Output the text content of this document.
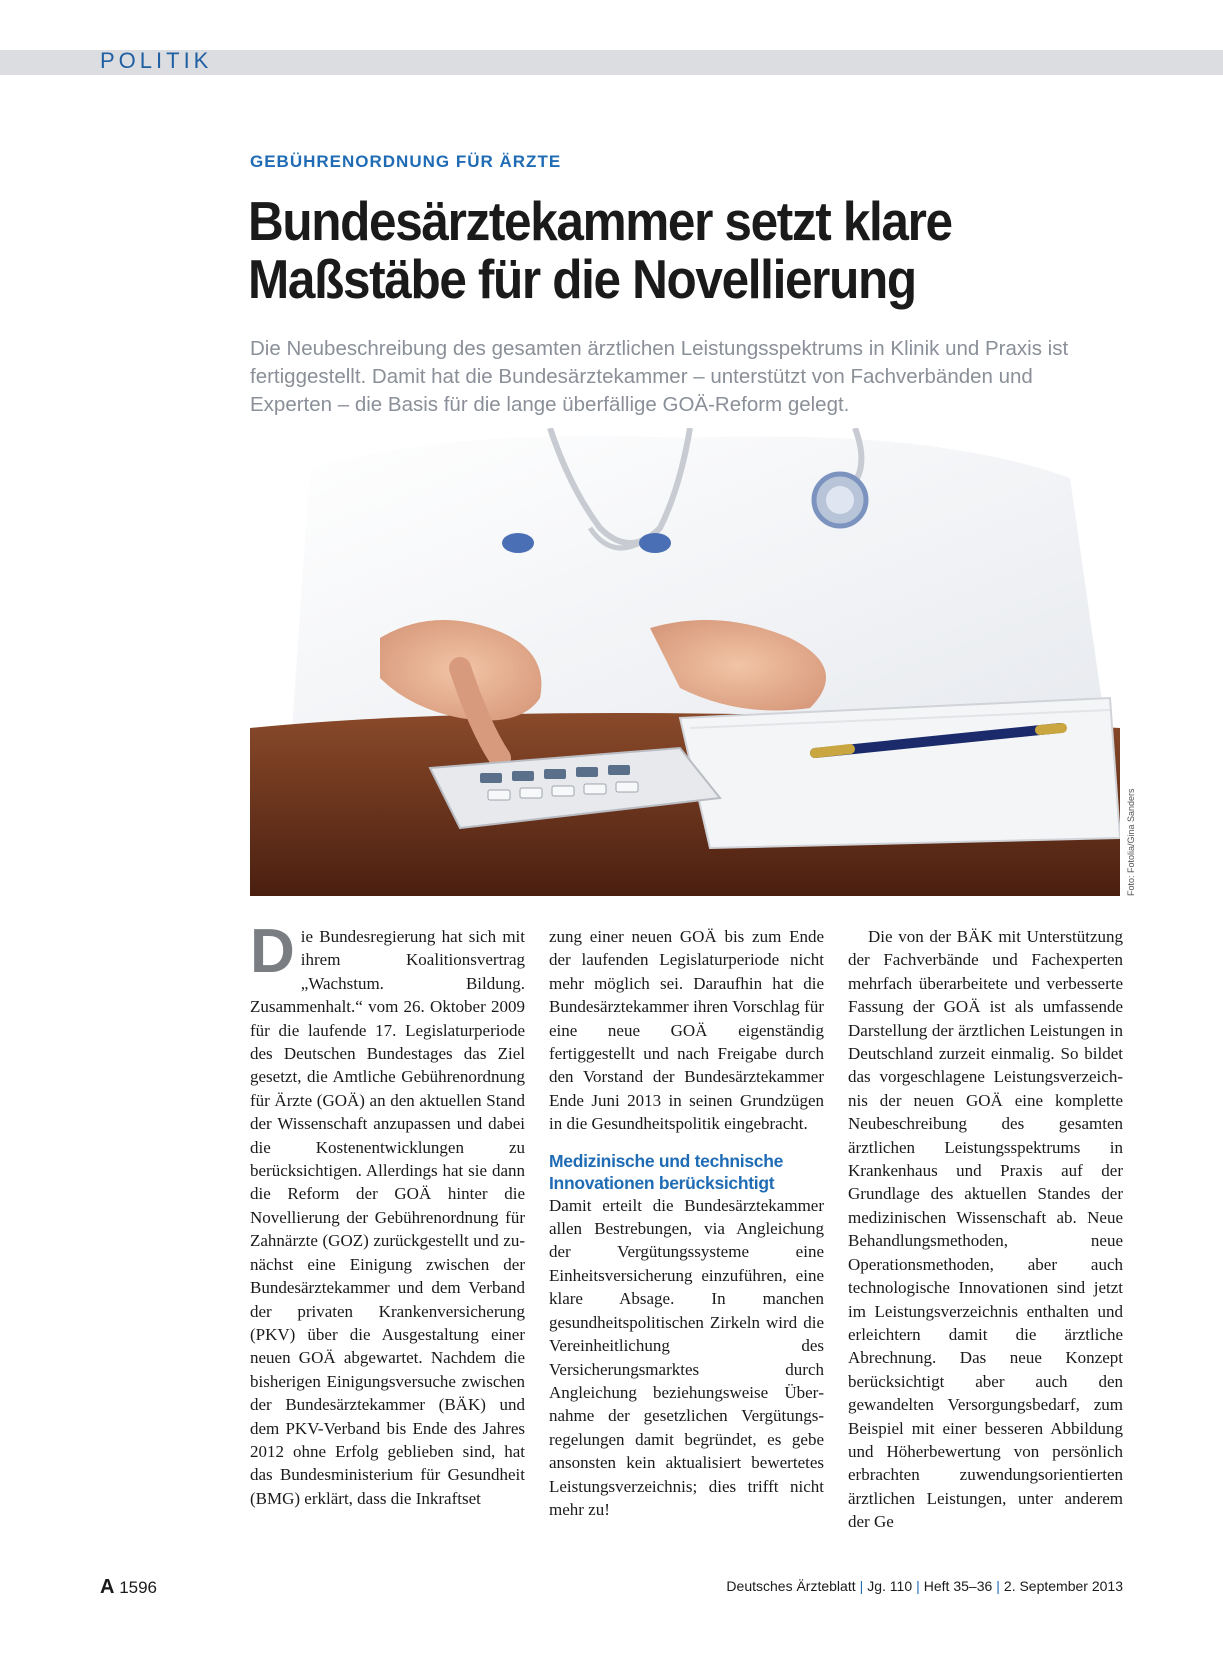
POLITIK
GEBÜHRENORDNUNG FÜR ÄRZTE
Bundesärztekammer setzt klare
Maßstäbe für die Novellierung

Die Neubeschreibung des gesamten ärztlichen Leistungsspektrums in Klinik und Praxis ist fertiggestellt. Damit hat die Bundesärztekammer – unterstützt von Fachverbänden und Experten – die Basis für die lange überfällige GOÄ-Reform gelegt.

Foto: Fotolia/Gina Sanders

Die Bundesregierung hat sich mit ihrem Koalitionsvertrag „Wachstum. Bildung. Zusammenhalt.“ vom 26. Oktober 2009 für die laufende 17. Legislaturperiode des Deutschen Bundestages das Ziel gesetzt, die Amtliche Gebührenordnung für Ärzte (GOÄ) an den aktuellen Stand der Wissenschaft anzupassen und dabei die Kostenentwicklungen zu berücksichtigen. Allerdings hat sie dann die Reform der GOÄ hinter die Novellierung der Gebührenordnung für Zahnärzte (GOZ) zurückgestellt und zunächst eine Einigung zwischen der Bundesärztekammer und dem Verband der privaten Krankenversicherung (PKV) über die Ausgestaltung einer neuen GOÄ abgewartet. Nachdem die bisherigen Einigungsversuche zwischen der Bundesärztekammer (BÄK) und dem PKV-Verband bis Ende des Jahres 2012 ohne Erfolg geblieben sind, hat das Bundesministerium für Gesundheit (BMG) erklärt, dass die Inkraftset

zung einer neuen GOÄ bis zum Ende der laufenden Legislaturperiode nicht mehr möglich sei. Daraufhin hat die Bundesärztekammer ihren Vorschlag für eine neue GOÄ eigenständig fertiggestellt und nach Freigabe durch den Vorstand der Bundesärztekammer Ende Juni 2013 in seinen Grundzügen in die Gesundheitspolitik eingebracht.

Medizinische und technische
Innovationen berücksichtigt

Damit erteilt die Bundesärztekammer allen Bestrebungen, via Angleichung der Vergütungssysteme eine Einheitsversicherung einzuführen, eine klare Absage. In manchen gesundheitspolitischen Zirkeln wird die Vereinheitlichung des Versicherungsmarktes durch Angleichung beziehungsweise Übernahme der gesetzlichen Vergütungsregelungen damit begründet, es gebe ansonsten kein aktualisiert bewertetes Leistungsverzeichnis; dies trifft nicht mehr zu!

Die von der BÄK mit Unterstützung der Fachverbände und Fachexperten mehrfach überarbeitete und verbesserte Fassung der GOÄ ist als umfassende Darstellung der ärztlichen Leistungen in Deutschland zurzeit einmalig. So bildet das vorgeschlagene Leistungsverzeichnis der neuen GOÄ eine komplette Neubeschreibung des gesamten ärztlichen Leistungsspektrums in Krankenhaus und Praxis auf der Grundlage des aktuellen Standes der medizinischen Wissenschaft ab. Neue Behandlungsmethoden, neue Operationsmethoden, aber auch technologische Innovationen sind jetzt im Leistungsverzeichnis enthalten und erleichtern damit die ärztliche Abrechnung. Das neue Konzept berücksichtigt aber auch den gewandelten Versorgungsbedarf, zum Beispiel mit einer besseren Abbildung und Höherbewertung von persönlich erbrachten zuwendungsorientierten ärztlichen Leistungen, unter anderem der Ge

A 1596	Deutsches Ärzteblatt | Jg. 110 | Heft 35–36 | 2. September 2013
